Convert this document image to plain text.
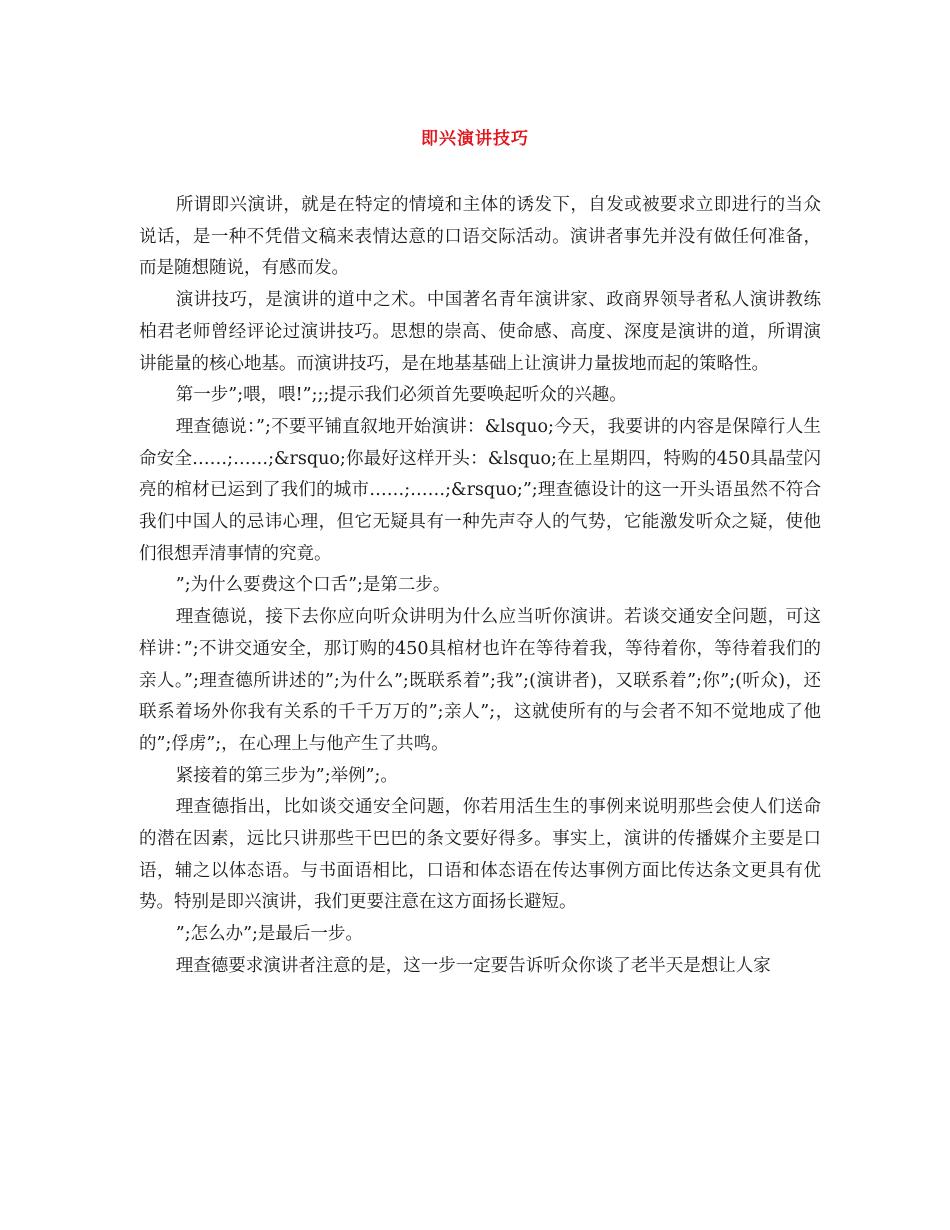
即兴演讲技巧

所谓即兴演讲，就是在特定的情境和主体的诱发下，自发或被要求立即进行的当众说话，是一种不凭借文稿来表情达意的口语交际活动。演讲者事先并没有做任何准备，而是随想随说，有感而发。

演讲技巧，是演讲的道中之术。中国著名青年演讲家、政商界领导者私人演讲教练柏君老师曾经评论过演讲技巧。思想的崇高、使命感、高度、深度是演讲的道，所谓演讲能量的核心地基。而演讲技巧，是在地基基础上让演讲力量拔地而起的策略性。

第一步”;喂，喂!”;;;提示我们必须首先要唤起听众的兴趣。

理查德说：”;不要平铺直叙地开始演讲：&lsquo;今天，我要讲的内容是保障行人生命安全……;……;&rsquo;你最好这样开头：&lsquo;在上星期四，特购的450具晶莹闪亮的棺材已运到了我们的城市……;……;&rsquo;”;理查德设计的这一开头语虽然不符合我们中国人的忌讳心理，但它无疑具有一种先声夺人的气势，它能激发听众之疑，使他们很想弄清事情的究竟。

”;为什么要费这个口舌”;是第二步。

理查德说，接下去你应向听众讲明为什么应当听你演讲。若谈交通安全问题，可这样讲：”;不讲交通安全，那订购的450具棺材也许在等待着我，等待着你，等待着我们的亲人。”;理查德所讲述的”;为什么”;既联系着”;我”;(演讲者)，又联系着”;你”;(听众)，还联系着场外你我有关系的千千万万的”;亲人”;，这就使所有的与会者不知不觉地成了他的”;俘虏”;，在心理上与他产生了共鸣。

紧接着的第三步为”;举例”;。

理查德指出，比如谈交通安全问题，你若用活生生的事例来说明那些会使人们送命的潜在因素，远比只讲那些干巴巴的条文要好得多。事实上，演讲的传播媒介主要是口语，辅之以体态语。与书面语相比，口语和体态语在传达事例方面比传达条文更具有优势。特别是即兴演讲，我们更要注意在这方面扬长避短。

”;怎么办”;是最后一步。

理查德要求演讲者注意的是，这一步一定要告诉听众你谈了老半天是想让人家
